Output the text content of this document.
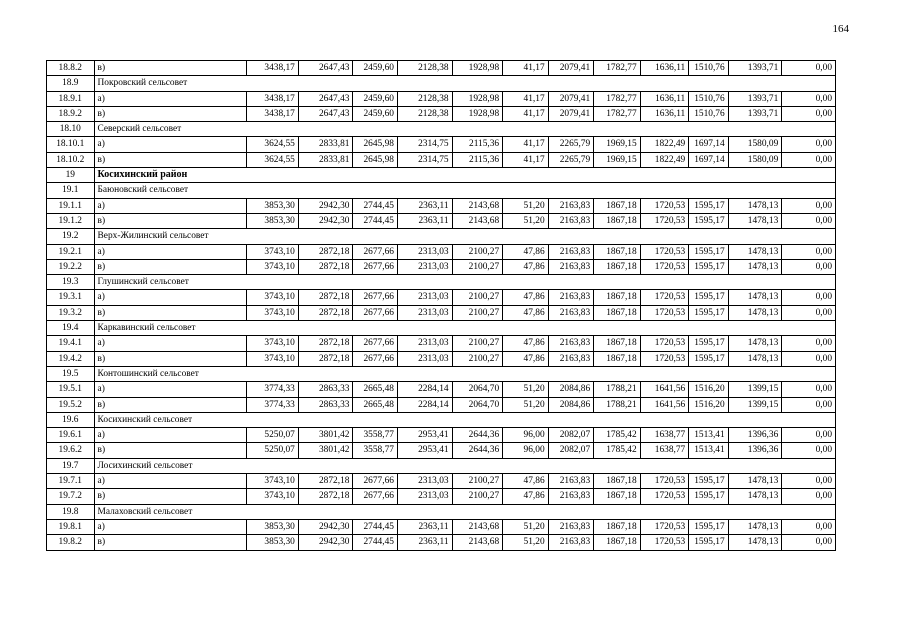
164
18.8.2	в)	3438,17	2647,43	2459,60	2128,38	1928,98	41,17	2079,41	1782,77	1636,11	1510,76	1393,71	0,00
18.9	Покровский сельсовет												
18.9.1	а)	3438,17	2647,43	2459,60	2128,38	1928,98	41,17	2079,41	1782,77	1636,11	1510,76	1393,71	0,00
18.9.2	в)	3438,17	2647,43	2459,60	2128,38	1928,98	41,17	2079,41	1782,77	1636,11	1510,76	1393,71	0,00
18.10	Северский сельсовет												
18.10.1	а)	3624,55	2833,81	2645,98	2314,75	2115,36	41,17	2265,79	1969,15	1822,49	1697,14	1580,09	0,00
18.10.2	в)	3624,55	2833,81	2645,98	2314,75	2115,36	41,17	2265,79	1969,15	1822,49	1697,14	1580,09	0,00
19	Косихинский район												
19.1	Баюновский сельсовет												
19.1.1	а)	3853,30	2942,30	2744,45	2363,11	2143,68	51,20	2163,83	1867,18	1720,53	1595,17	1478,13	0,00
19.1.2	в)	3853,30	2942,30	2744,45	2363,11	2143,68	51,20	2163,83	1867,18	1720,53	1595,17	1478,13	0,00
19.2	Верх-Жилинский сельсовет												
19.2.1	а)	3743,10	2872,18	2677,66	2313,03	2100,27	47,86	2163,83	1867,18	1720,53	1595,17	1478,13	0,00
19.2.2	в)	3743,10	2872,18	2677,66	2313,03	2100,27	47,86	2163,83	1867,18	1720,53	1595,17	1478,13	0,00
19.3	Глушинский сельсовет												
19.3.1	а)	3743,10	2872,18	2677,66	2313,03	2100,27	47,86	2163,83	1867,18	1720,53	1595,17	1478,13	0,00
19.3.2	в)	3743,10	2872,18	2677,66	2313,03	2100,27	47,86	2163,83	1867,18	1720,53	1595,17	1478,13	0,00
19.4	Каркавинский сельсовет												
19.4.1	а)	3743,10	2872,18	2677,66	2313,03	2100,27	47,86	2163,83	1867,18	1720,53	1595,17	1478,13	0,00
19.4.2	в)	3743,10	2872,18	2677,66	2313,03	2100,27	47,86	2163,83	1867,18	1720,53	1595,17	1478,13	0,00
19.5	Контошинский сельсовет												
19.5.1	а)	3774,33	2863,33	2665,48	2284,14	2064,70	51,20	2084,86	1788,21	1641,56	1516,20	1399,15	0,00
19.5.2	в)	3774,33	2863,33	2665,48	2284,14	2064,70	51,20	2084,86	1788,21	1641,56	1516,20	1399,15	0,00
19.6	Косихинский сельсовет												
19.6.1	а)	5250,07	3801,42	3558,77	2953,41	2644,36	96,00	2082,07	1785,42	1638,77	1513,41	1396,36	0,00
19.6.2	в)	5250,07	3801,42	3558,77	2953,41	2644,36	96,00	2082,07	1785,42	1638,77	1513,41	1396,36	0,00
19.7	Лосихинский сельсовет												
19.7.1	а)	3743,10	2872,18	2677,66	2313,03	2100,27	47,86	2163,83	1867,18	1720,53	1595,17	1478,13	0,00
19.7.2	в)	3743,10	2872,18	2677,66	2313,03	2100,27	47,86	2163,83	1867,18	1720,53	1595,17	1478,13	0,00
19.8	Малаховский сельсовет												
19.8.1	а)	3853,30	2942,30	2744,45	2363,11	2143,68	51,20	2163,83	1867,18	1720,53	1595,17	1478,13	0,00
19.8.2	в)	3853,30	2942,30	2744,45	2363,11	2143,68	51,20	2163,83	1867,18	1720,53	1595,17	1478,13	0,00
